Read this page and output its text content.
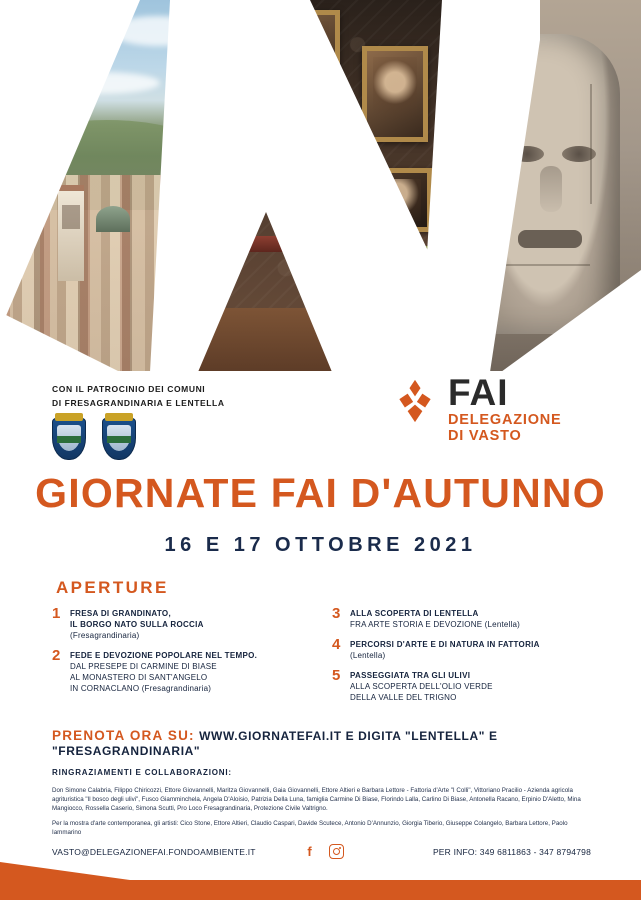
CON IL PATROCINIO DEI COMUNI
DI FRESAGRANDINARIA E LENTELLA	FAI
DELEGAZIONE
DI VASTO
GIORNATE FAI D'AUTUNNO
16 E 17 OTTOBRE 2021
APERTURE
1	FRESA DI GRANDINATO,
IL BORGO NATO SULLA ROCCIA
(Fresagrandinaria)
2	FEDE E DEVOZIONE POPOLARE NEL TEMPO.
DAL PRESEPE DI CARMINE DI BIASE
AL MONASTERO DI SANT'ANGELO
IN CORNACLANO (Fresagrandinaria)
3	ALLA SCOPERTA DI LENTELLA
FRA ARTE STORIA E DEVOZIONE (Lentella)
4	PERCORSI D'ARTE E DI NATURA IN FATTORIA
(Lentella)
5	PASSEGGIATA TRA GLI ULIVI
ALLA SCOPERTA DELL'OLIO VERDE
DELLA VALLE DEL TRIGNO
PRENOTA ORA SU: WWW.GIORNATEFAI.IT E DIGITA "LENTELLA" E "FRESAGRANDINARIA"
RINGRAZIAMENTI E COLLABORAZIONI:

Don Simone Calabria, Filippo Chiricozzi, Ettore Giovannelli, Maritza Giovannelli, Gaia Giovannelli, Ettore Altieri e Barbara Lettore - Fattoria d'Arte "I Colli", Vittoriano Pracilio - Azienda agricola agrituristica "Il bosco degli ulivi", Fusco Giamminchela, Angela D'Aloisio, Patrizia Della Luna, famiglia Carmine Di Biase, Florindo Lalla, Carlino Di Biase, Antonella Racano, Erpinio D'Aletto, Mina Mangiocco, Rossella Caserio, Simona Scutti, Pro Loco Fresagrandinaria, Protezione Civile Valtrigno.

Per la mostra d'arte contemporanea, gli artisti: Cico Stone, Ettore Altieri, Claudio Caspari, Davide Scutece, Antonio D'Annunzio, Giorgia Tiberio, Giuseppe Colangelo, Barbara Lettore, Paolo Iammarino

VASTO@DELEGAZIONEFAI.FONDOAMBIENTE.IT	f	PER INFO: 349 6811863 - 347 8794798
